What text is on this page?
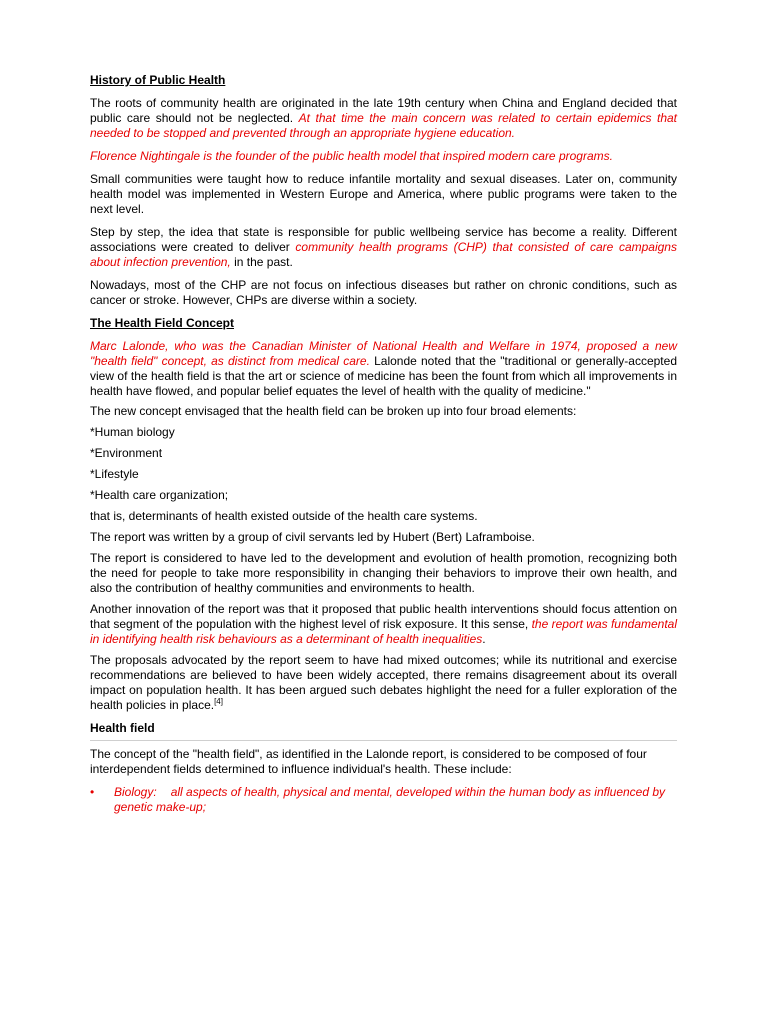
History of Public Health

The roots of community health are originated in the late 19th century when China and England decided that public care should not be neglected. At that time the main concern was related to certain epidemics that needed to be stopped and prevented through an appropriate hygiene education.

Florence Nightingale is the founder of the public health model that inspired modern care programs.

Small communities were taught how to reduce infantile mortality and sexual diseases. Later on, community health model was implemented in Western Europe and America, where public programs were taken to the next level.

Step by step, the idea that state is responsible for public wellbeing service has become a reality. Different associations were created to deliver community health programs (CHP) that consisted of care campaigns about infection prevention, in the past.

Nowadays, most of the CHP are not focus on infectious diseases but rather on chronic conditions, such as cancer or stroke. However, CHPs are diverse within a society.

The Health Field Concept

Marc Lalonde, who was the Canadian Minister of National Health and Welfare in 1974, proposed a new "health field" concept, as distinct from medical care. Lalonde noted that the "traditional or generally-accepted view of the health field is that the art or science of medicine has been the fount from which all improvements in health have flowed, and popular belief equates the level of health with the quality of medicine."

The new concept envisaged that the health field can be broken up into four broad elements:

*Human biology

*Environment

*Lifestyle

*Health care organization;

that is, determinants of health existed outside of the health care systems.

The report was written by a group of civil servants led by Hubert (Bert) Laframboise.

The report is considered to have led to the development and evolution of health promotion, recognizing both the need for people to take more responsibility in changing their behaviors to improve their own health, and also the contribution of healthy communities and environments to health.

Another innovation of the report was that it proposed that public health interventions should focus attention on that segment of the population with the highest level of risk exposure. It this sense, the report was fundamental in identifying health risk behaviours as a determinant of health inequalities.

The proposals advocated by the report seem to have had mixed outcomes; while its nutritional and exercise recommendations are believed to have been widely accepted, there remains disagreement about its overall impact on population health. It has been argued such debates highlight the need for a fuller exploration of the health policies in place.[4]

Health field

The concept of the "health field", as identified in the Lalonde report, is considered to be composed of four interdependent fields determined to influence individual's health. These include:

• Biology: all aspects of health, physical and mental, developed within the human body as influenced by genetic make-up;
